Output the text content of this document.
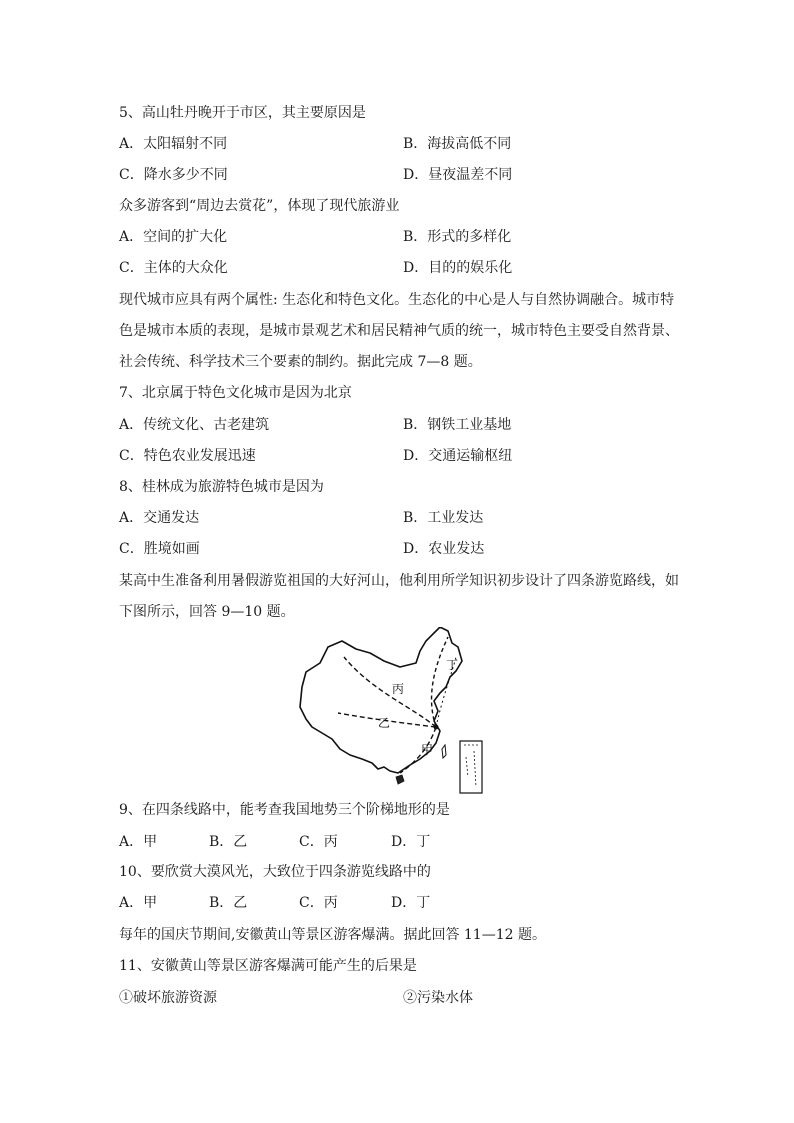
5、高山牡丹晚开于市区，其主要原因是
A．太阳辐射不同	B．海拔高低不同
C．降水多少不同	D．昼夜温差不同
众多游客到“周边去赏花”，体现了现代旅游业
A．空间的扩大化	B．形式的多样化
C．主体的大众化	D．目的的娱乐化
现代城市应具有两个属性: 生态化和特色文化。生态化的中心是人与自然协调融合。城市特
色是城市本质的表现，是城市景观艺术和居民精神气质的统一，城市特色主要受自然背景、
社会传统、科学技术三个要素的制约。据此完成 7—8 题。
7、北京属于特色文化城市是因为北京
A．传统文化、古老建筑	B．钢铁工业基地
C．特色农业发展迅速	D．交通运输枢纽
8、桂林成为旅游特色城市是因为
A．交通发达	B．工业发达
C．胜境如画	D．农业发达
某高中生准备利用暑假游览祖国的大好河山，他利用所学知识初步设计了四条游览路线，如
下图所示，回答 9—10 题。
丙
乙
甲
丁
9、在四条线路中，能考查我国地势三个阶梯地形的是
A．甲	B．乙	C．丙	D．丁
10、要欣赏大漠风光，大致位于四条游览线路中的
A．甲	B．乙	C．丙	D．丁
每年的国庆节期间,安徽黄山等景区游客爆满。据此回答 11—12 题。
11、安徽黄山等景区游客爆满可能产生的后果是
①破坏旅游资源	②污染水体
